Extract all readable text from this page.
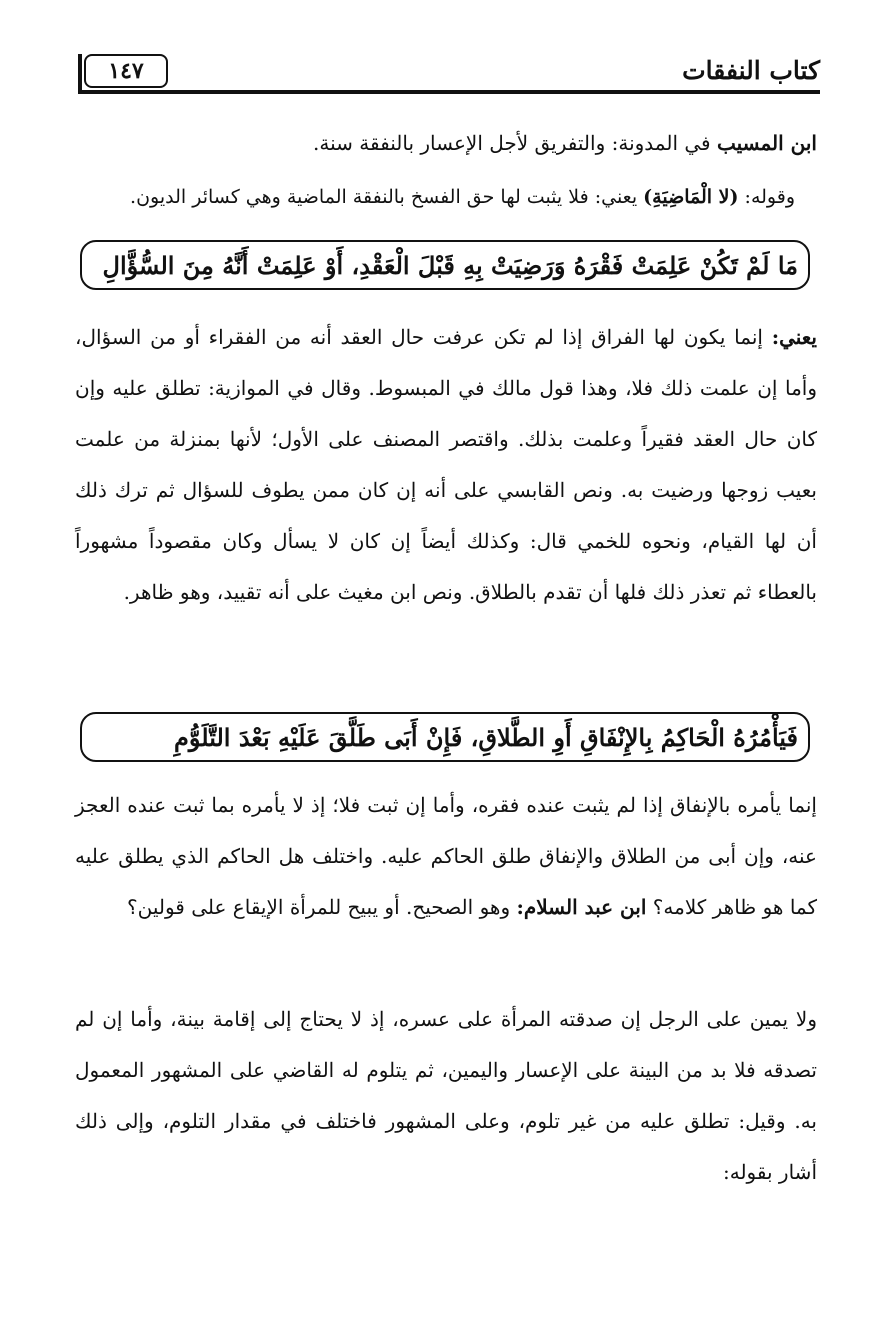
كتاب النفقات
١٤٧

ابن المسيب في المدونة: والتفريق لأجل الإعسار بالنفقة سنة.

وقوله: (لا الْمَاضِيَةِ) يعني: فلا يثبت لها حق الفسخ بالنفقة الماضية وهي كسائر الديون.

مَا لَمْ تَكُنْ عَلِمَتْ فَقْرَهُ وَرَضِيَتْ بِهِ قَبْلَ الْعَقْدِ، أَوْ عَلِمَتْ أَنَّهُ مِنَ السُّؤَّالِ

يعني: إنما يكون لها الفراق إذا لم تكن عرفت حال العقد أنه من الفقراء أو من السؤال، وأما إن علمت ذلك فلا، وهذا قول مالك في المبسوط. وقال في الموازية: تطلق عليه وإن كان حال العقد فقيراً وعلمت بذلك. واقتصر المصنف على الأول؛ لأنها بمنزلة من علمت بعيب زوجها ورضيت به. ونص القابسي على أنه إن كان ممن يطوف للسؤال ثم ترك ذلك أن لها القيام، ونحوه للخمي قال: وكذلك أيضاً إن كان لا يسأل وكان مقصوداً مشهوراً بالعطاء ثم تعذر ذلك فلها أن تقدم بالطلاق. ونص ابن مغيث على أنه تقييد، وهو ظاهر.

فَيَأْمُرُهُ الْحَاكِمُ بِالإِنْفَاقِ أَوِ الطَّلاقِ، فَإِنْ أَبَى طَلَّقَ عَلَيْهِ بَعْدَ التَّلَوُّمِ

إنما يأمره بالإنفاق إذا لم يثبت عنده فقره، وأما إن ثبت فلا؛ إذ لا يأمره بما ثبت عنده العجز عنه، وإن أبى من الطلاق والإنفاق طلق الحاكم عليه. واختلف هل الحاكم الذي يطلق عليه كما هو ظاهر كلامه؟ ابن عبد السلام: وهو الصحيح. أو يبيح للمرأة الإيقاع على قولين؟

ولا يمين على الرجل إن صدقته المرأة على عسره، إذ لا يحتاج إلى إقامة بينة، وأما إن لم تصدقه فلا بد من البينة على الإعسار واليمين، ثم يتلوم له القاضي على المشهور المعمول به. وقيل: تطلق عليه من غير تلوم، وعلى المشهور فاختلف في مقدار التلوم، وإلى ذلك أشار بقوله:
